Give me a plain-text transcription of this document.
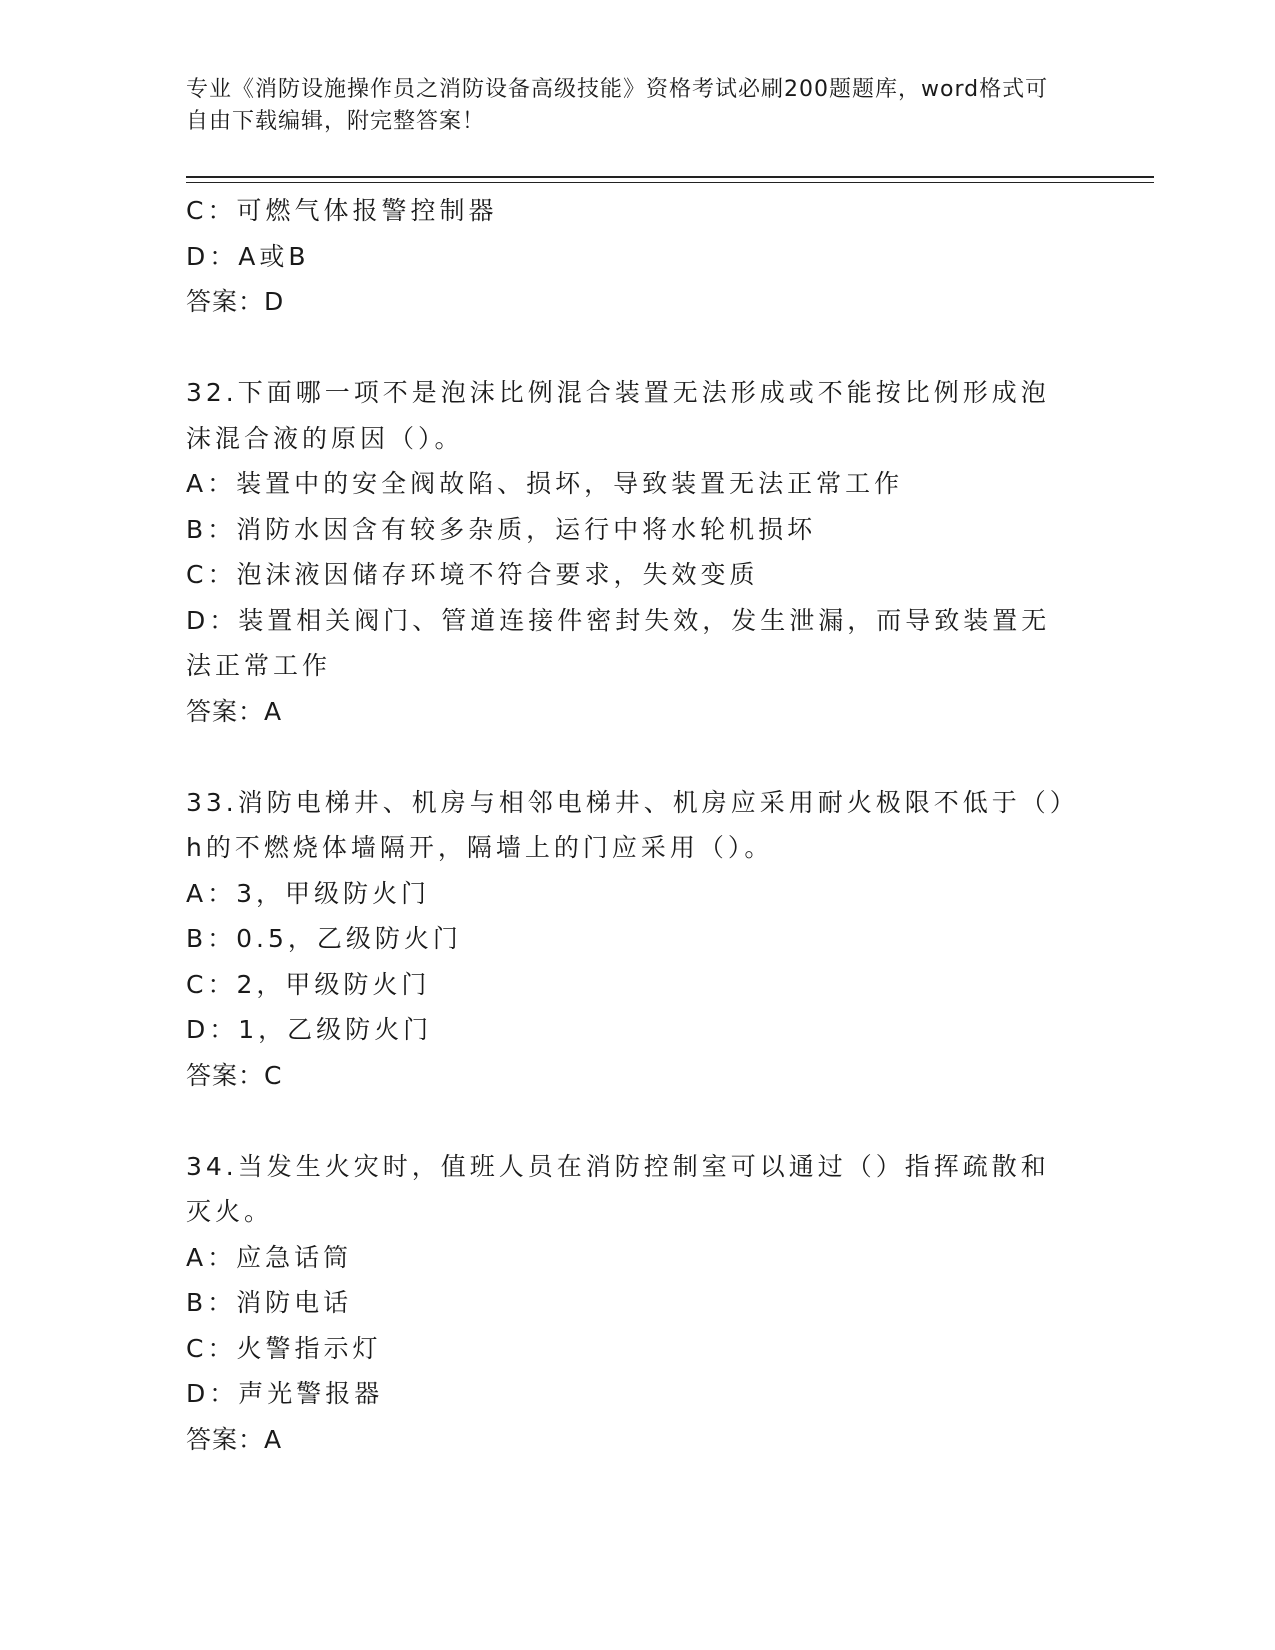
专业《消防设施操作员之消防设备高级技能》资格考试必刷200题题库，word格式可自由下载编辑，附完整答案！
C：可燃气体报警控制器
D：A或B
答案：D
32.下面哪一项不是泡沫比例混合装置无法形成或不能按比例形成泡沫混合液的原因（）。
A：装置中的安全阀故陷、损坏，导致装置无法正常工作
B：消防水因含有较多杂质，运行中将水轮机损坏
C：泡沫液因储存环境不符合要求，失效变质
D：装置相关阀门、管道连接件密封失效，发生泄漏，而导致装置无法正常工作
答案：A
33.消防电梯井、机房与相邻电梯井、机房应采用耐火极限不低于（）h的不燃烧体墙隔开，隔墙上的门应采用（）。
A：3，甲级防火门
B：0.5，乙级防火门
C：2，甲级防火门
D：1，乙级防火门
答案：C
34.当发生火灾时，值班人员在消防控制室可以通过（）指挥疏散和灭火。
A：应急话筒
B：消防电话
C：火警指示灯
D：声光警报器
答案：A
